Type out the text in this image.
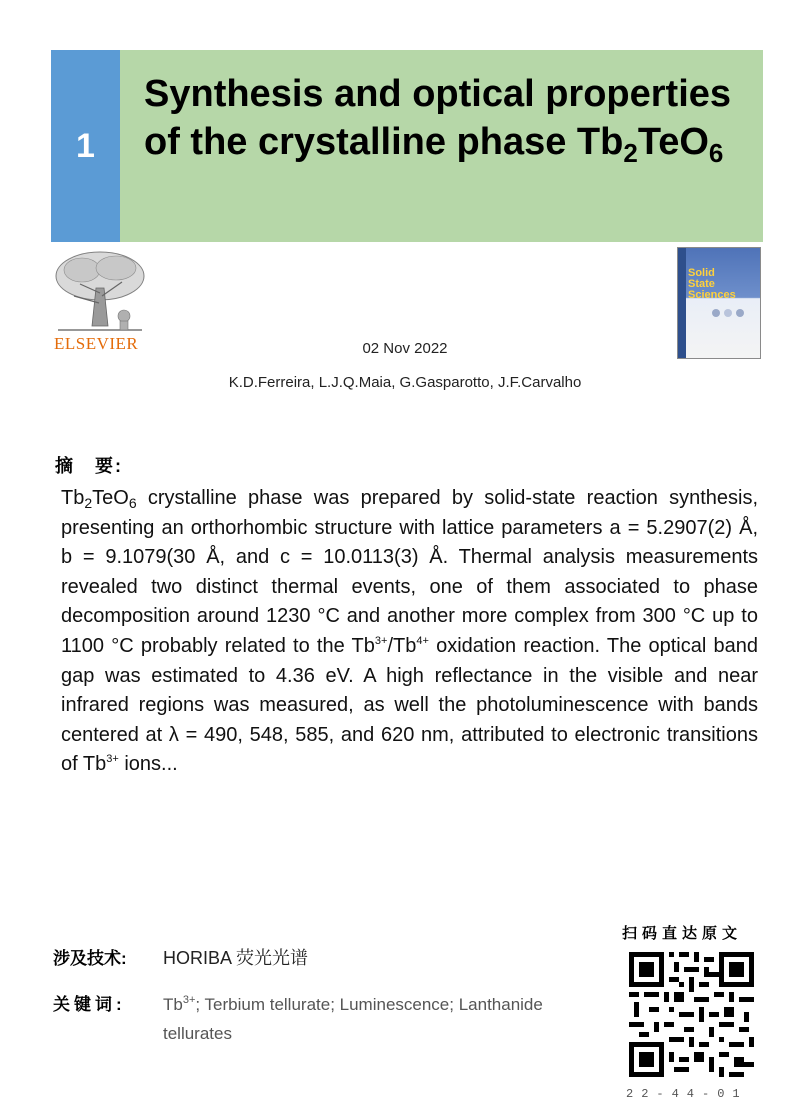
1
Synthesis and optical properties of the crystalline phase $Tb_2TeO_6$
ELSEVIER
Solid
State
Sciences
02 Nov 2022
K.D.Ferreira, L.J.Q.Maia, G.Gasparotto, J.F.Carvalho
摘　要:
$Tb_2TeO_6$ crystalline phase was prepared by solid-state reaction synthesis, presenting an orthorhombic structure with lattice parameters a = 5.2907(2) Å, b = 9.1079(30 Å, and c = 10.0113(3) Å. Thermal analysis measurements revealed two distinct thermal events, one of them associated to phase decomposition around 1230 °C and another more complex from 300 °C up to 1100 °C probably related to the $Tb^{3+}/Tb^{4+}$ oxidation reaction. The optical band gap was estimated to 4.36 eV. A high reflectance in the visible and near infrared regions was measured, as well the photoluminescence with bands centered at λ = 490, 548, 585, and 620 nm, attributed to electronic transitions of $Tb^{3+}$ ions...
涉及技术: HORIBA 荧光光谱
关键词: $Tb^{3+}$; Terbium tellurate; Luminescence; Lanthanide tellurates
扫码直达原文
22-44-01
